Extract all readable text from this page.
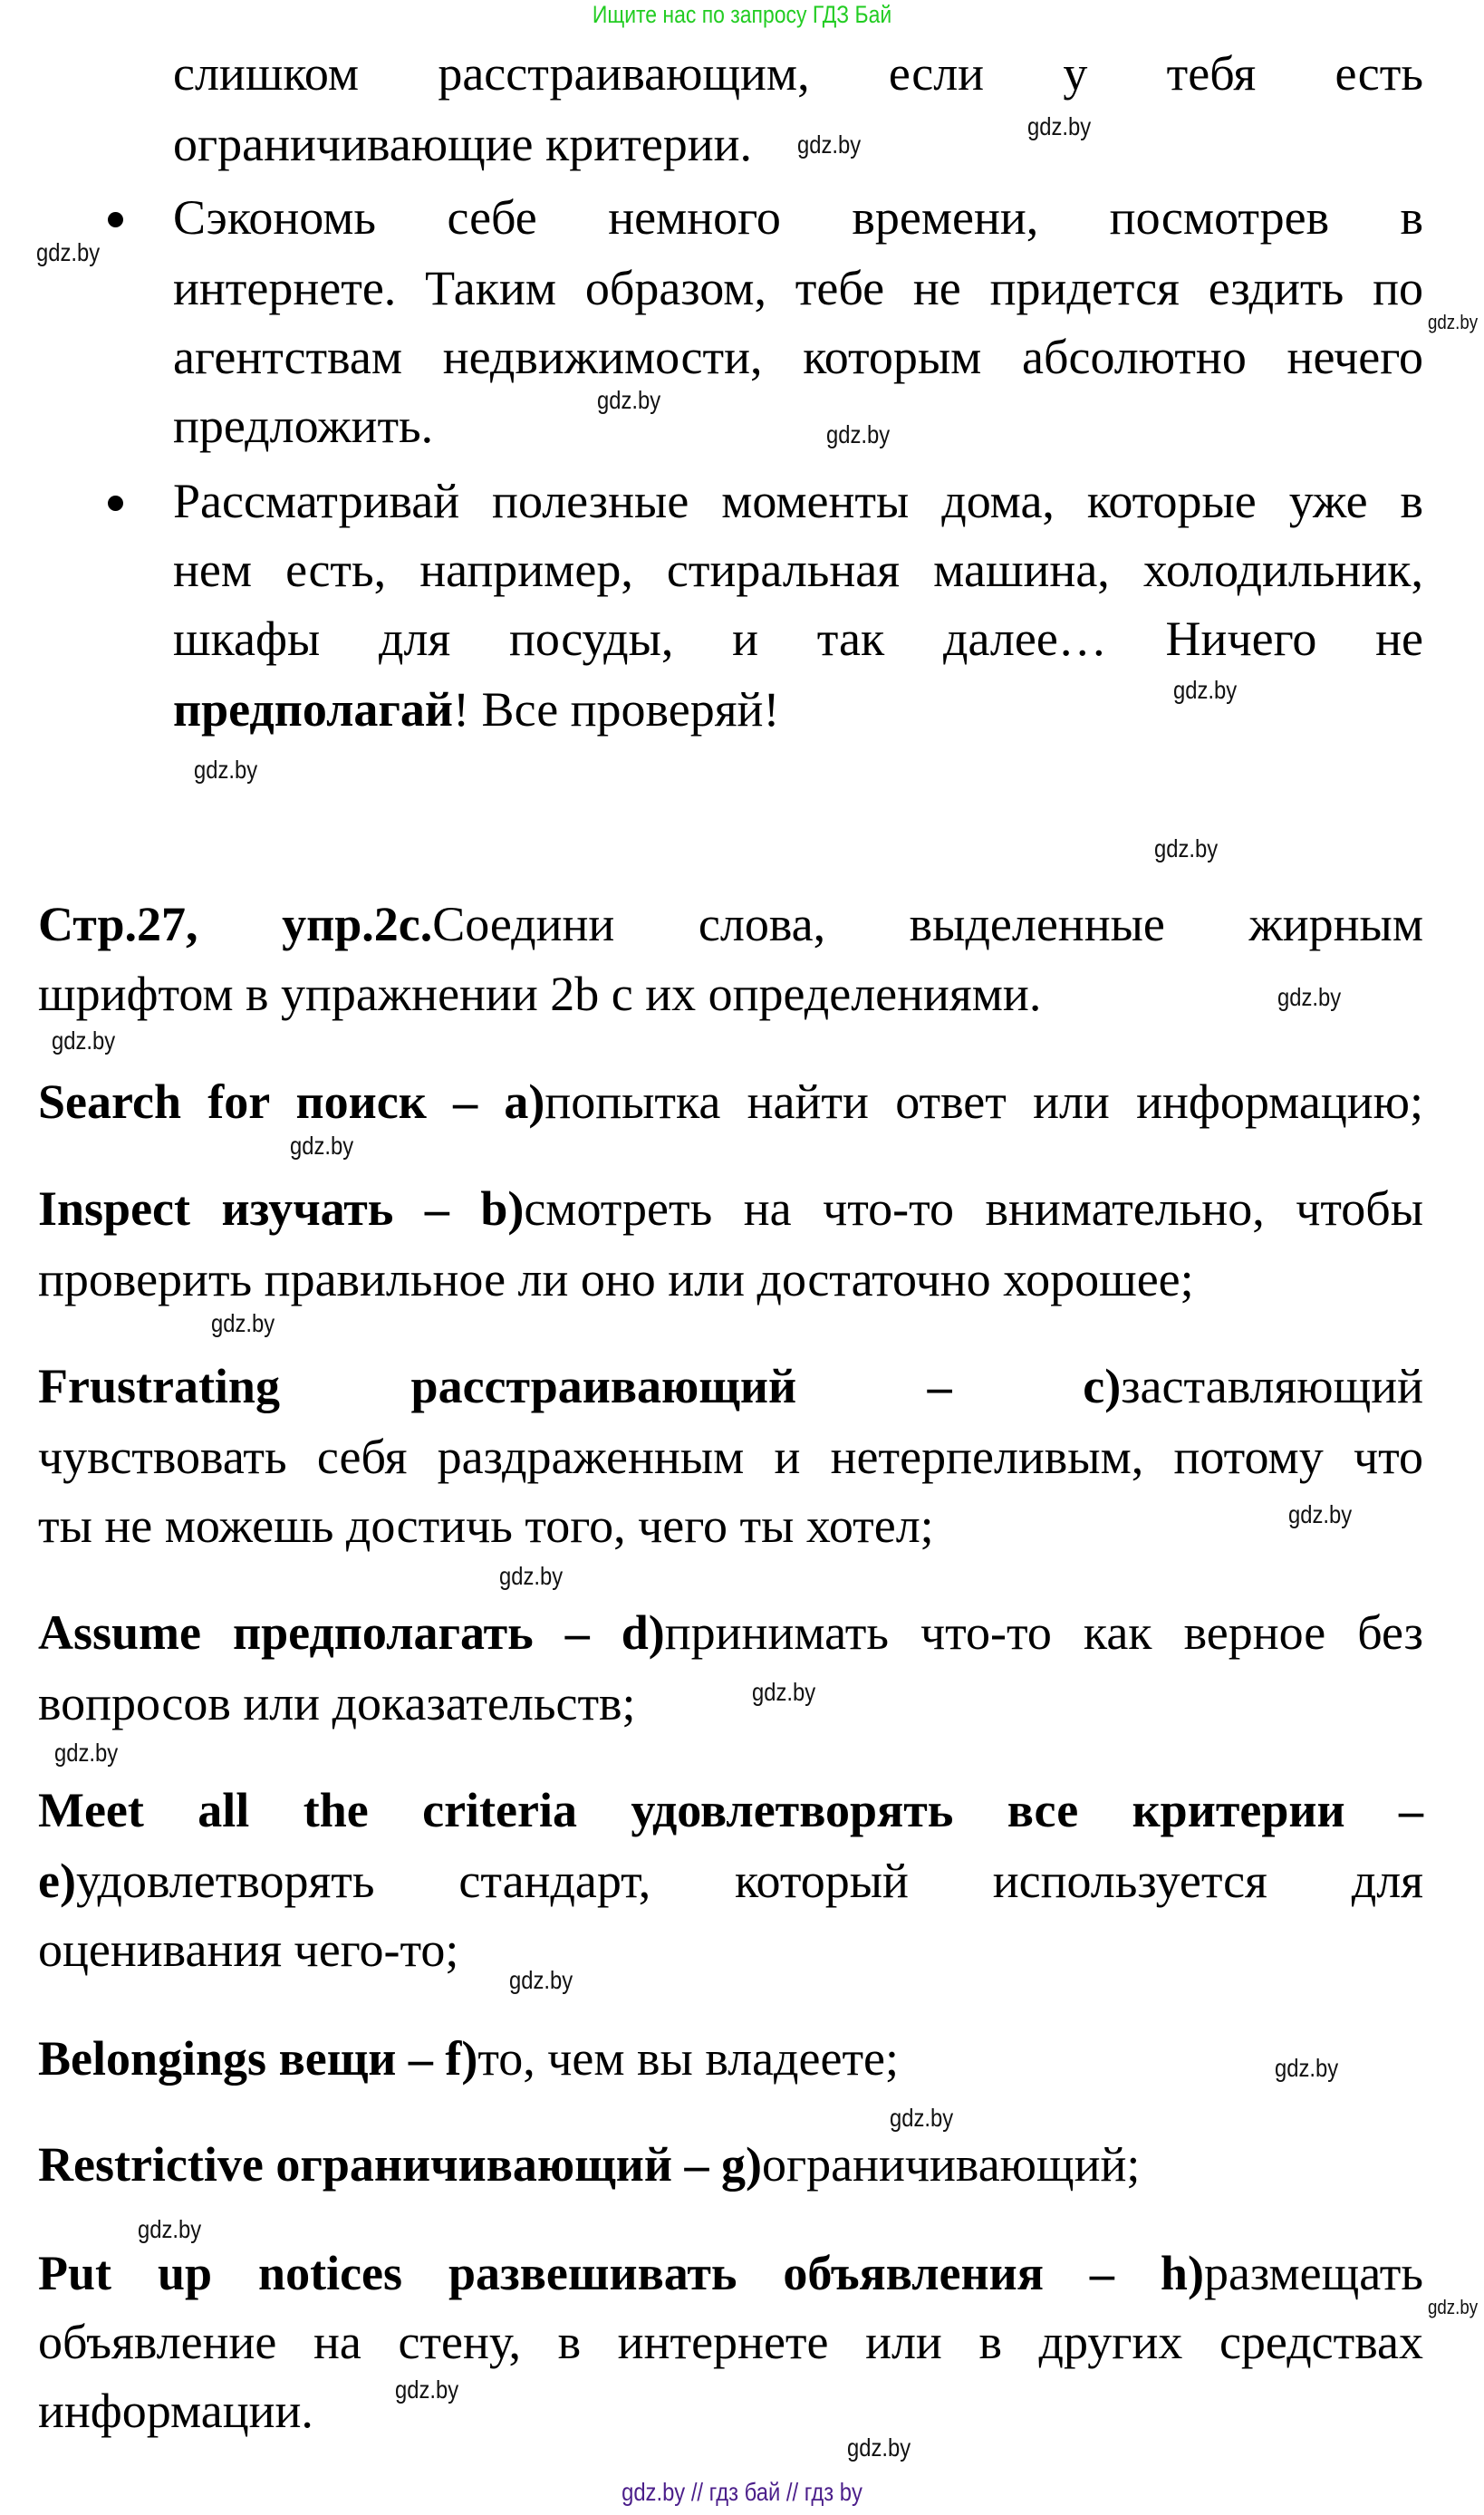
Ищите нас по запросу ГДЗ Бай
слишком расстраивающим, если у тебя есть
ограничивающие критерии.
Сэкономь себе немного времени, посмотрев в
интернете. Таким образом, тебе не придется ездить по
агентствам недвижимости, которым абсолютно нечего
предложить.
Рассматривай полезные моменты дома, которые уже в
нем есть, например, стиральная машина, холодильник,
шкафы для посуды, и так далее… Ничего не
предполагай! Все проверяй!
Стр.27, упр.2с.Соедини слова, выделенные жирным
шрифтом в упражнении 2b с их определениями.
Search for поиск – a)попытка найти ответ или информацию;
Inspect изучать – b)смотреть на что-то внимательно, чтобы
проверить правильное ли оно или достаточно хорошее;
Frustrating расстраивающий – c)заставляющий
чувствовать себя раздраженным и нетерпеливым, потому что
ты не можешь достичь того, чего ты хотел;
Assume предполагать – d)принимать что-то как верное без
вопросов или доказательств;
Meet all the criteria удовлетворять все критерии –
e)удовлетворять стандарт, который используется для
оценивания чего-то;
Belongings вещи – f)то, чем вы владеете;
Restrictive ограничивающий – g)ограничивающий;
Put up notices развешивать объявления – h)размещать
объявление на стену, в интернете или в других средствах
информации.
gdz.by
gdz.by
gdz.by
gdz.by
gdz.by
gdz.by
gdz.by
gdz.by
gdz.by
gdz.by
gdz.by
gdz.by
gdz.by
gdz.by
gdz.by
gdz.by
gdz.by
gdz.by
gdz.by
gdz.by
gdz.by
gdz.by
gdz.by
gdz.by
gdz.by // гдз бай // гдз by
